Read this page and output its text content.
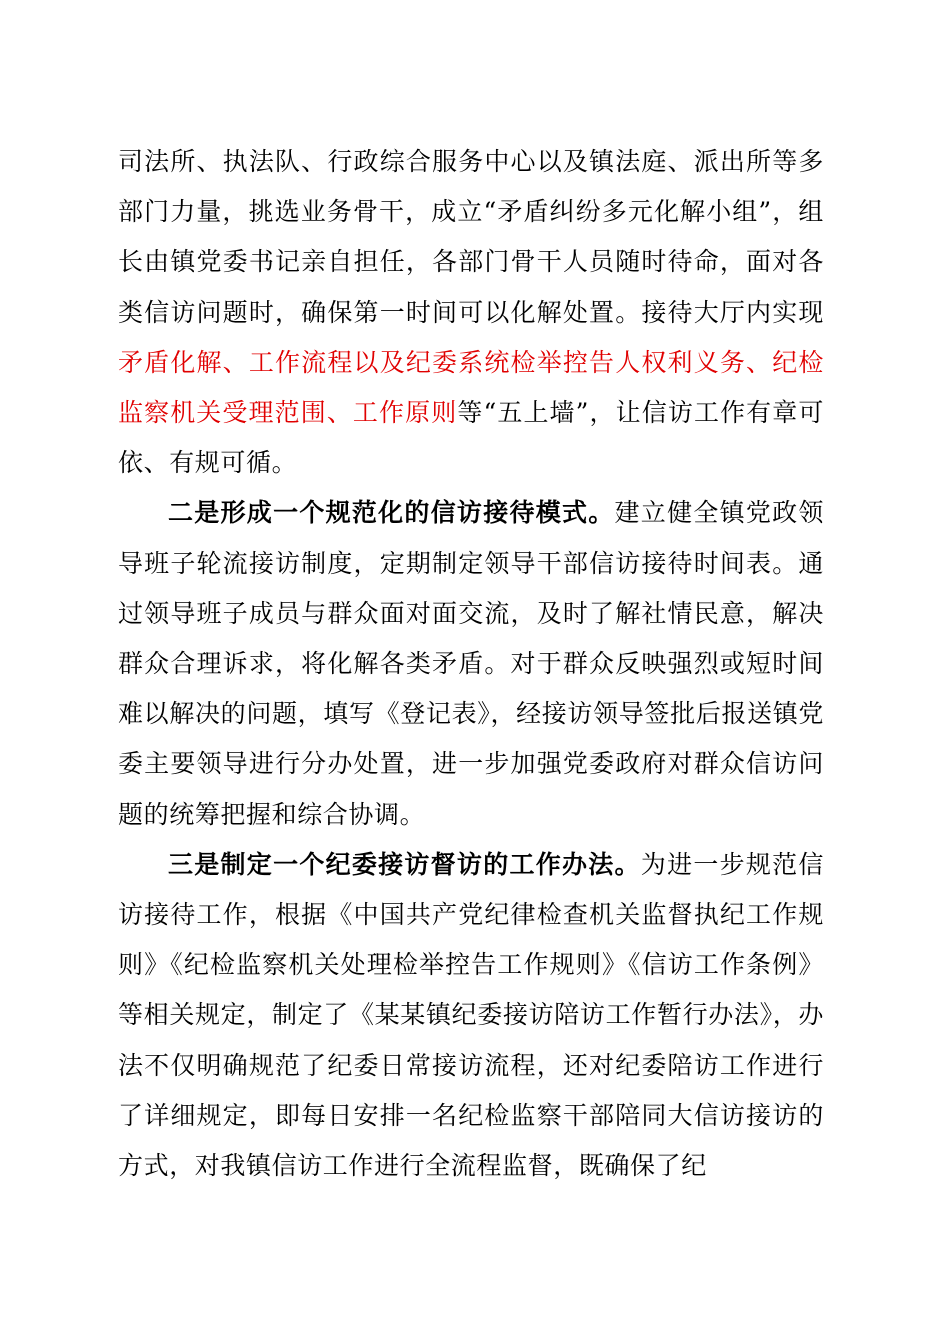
司法所、执法队、行政综合服务中心以及镇法庭、派出所等多部门力量，挑选业务骨干，成立“矛盾纠纷多元化解小组”，组长由镇党委书记亲自担任，各部门骨干人员随时待命，面对各类信访问题时，确保第一时间可以化解处置。接待大厅内实现矛盾化解、工作流程以及纪委系统检举控告人权利义务、纪检监察机关受理范围、工作原则等“五上墙”，让信访工作有章可依、有规可循。

二是形成一个规范化的信访接待模式。建立健全镇党政领导班子轮流接访制度，定期制定领导干部信访接待时间表。通过领导班子成员与群众面对面交流，及时了解社情民意，解决群众合理诉求，将化解各类矛盾。对于群众反映强烈或短时间难以解决的问题，填写《登记表》，经接访领导签批后报送镇党委主要领导进行分办处置，进一步加强党委政府对群众信访问题的统筹把握和综合协调。

三是制定一个纪委接访督访的工作办法。为进一步规范信访接待工作，根据《中国共产党纪律检查机关监督执纪工作规则》《纪检监察机关处理检举控告工作规则》《信访工作条例》等相关规定，制定了《某某镇纪委接访陪访工作暂行办法》，办法不仅明确规范了纪委日常接访流程，还对纪委陪访工作进行了详细规定，即每日安排一名纪检监察干部陪同大信访接访的方式，对我镇信访工作进行全流程监督，既确保了纪
